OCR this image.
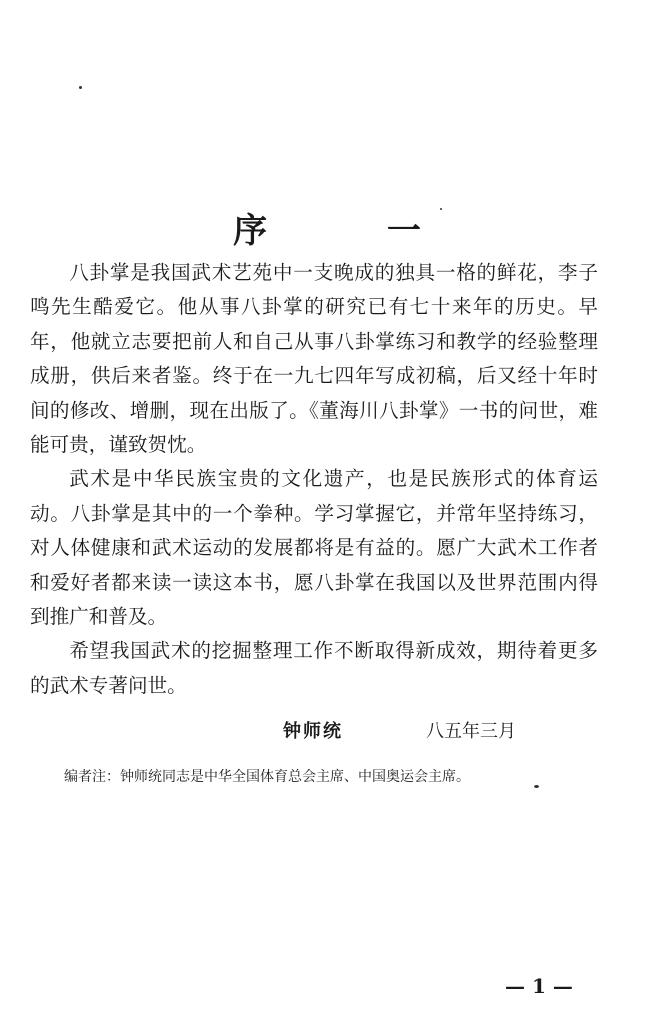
序 一

八卦掌是我国武术艺苑中一支晚成的独具一格的鲜花，李子鸣先生酷爱它。他从事八卦掌的研究已有七十来年的历史。早年，他就立志要把前人和自己从事八卦掌练习和教学的经验整理成册，供后来者鉴。终于在一九七四年写成初稿，后又经十年时间的修改、增删，现在出版了。《董海川八卦掌》一书的问世，难能可贵，谨致贺忱。

武术是中华民族宝贵的文化遗产，也是民族形式的体育运动。八卦掌是其中的一个拳种。学习掌握它，并常年坚持练习，对人体健康和武术运动的发展都将是有益的。愿广大武术工作者和爱好者都来读一读这本书，愿八卦掌在我国以及世界范围内得到推广和普及。

希望我国武术的挖掘整理工作不断取得新成效，期待着更多的武术专著问世。

钟师统	八五年三月
编者注：钟师统同志是中华全国体育总会主席、中国奥运会主席。
— 1 —
